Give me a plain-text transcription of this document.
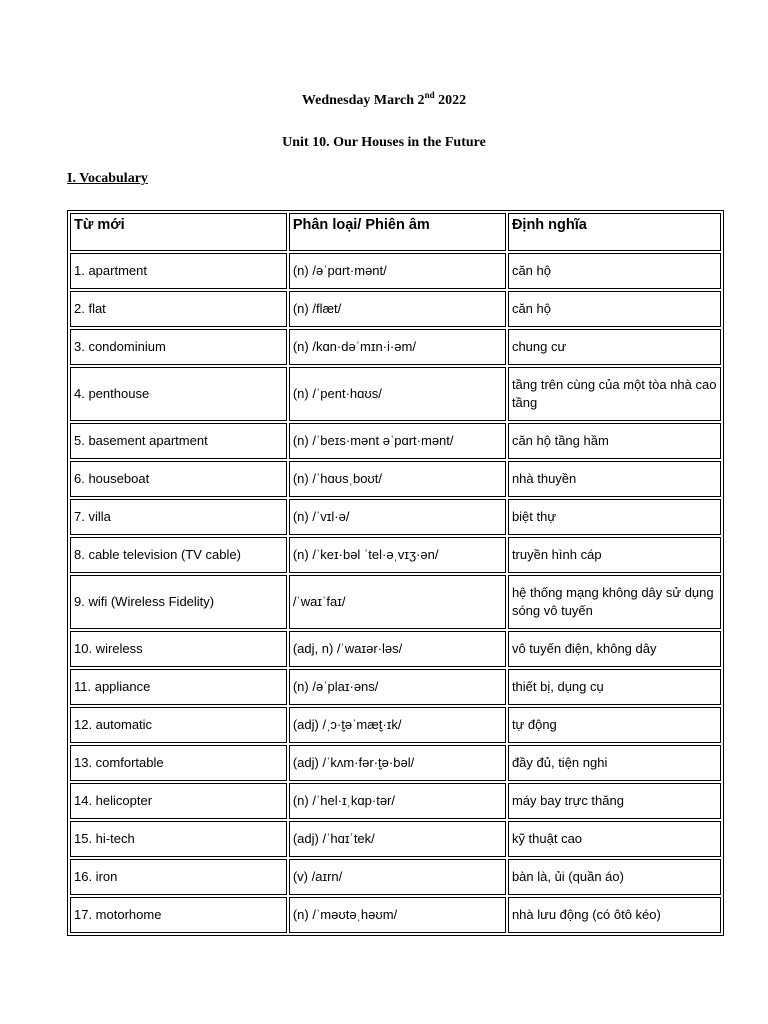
Wednesday March 2nd 2022
Unit 10. Our Houses in the Future
I. Vocabulary
Từ mới	Phân loại/ Phiên âm	Định nghĩa
1. apartment	(n) /əˈpɑrt·mənt/	căn hộ
2. flat	(n) /flæt/	căn hộ
3. condominium	(n) /kɑn·dəˈmɪn·i·əm/	chung cư
4. penthouse	(n) /ˈpent·hɑʊs/	tầng trên cùng của một tòa nhà cao tầng
5. basement apartment	(n) /ˈbeɪs·mənt əˈpɑrt·mənt/	căn hộ tầng hầm
6. houseboat	(n) /ˈhɑʊsˌboʊt/	nhà thuyền
7. villa	(n) /ˈvɪl·ə/	biệt thự
8. cable television (TV cable)	(n) /ˈkeɪ·bəl ˈtel·əˌvɪʒ·ən/	truyền hình cáp
9. wifi (Wireless Fidelity)	/ˈwaɪˈfaɪ/	hệ thống mạng không dây sử dụng sóng vô tuyến
10. wireless	(adj, n) /ˈwaɪər·ləs/	vô tuyến điện, không dây
11. appliance	(n) /əˈplaɪ·əns/	thiết bị, dụng cụ
12. automatic	(adj) /ˌɔ·t̬əˈmæt̬·ɪk/	tự động
13. comfortable	(adj) /ˈkʌm·fər·t̬ə·bəl/	đầy đủ, tiện nghi
14. helicopter	(n) /ˈhel·ɪˌkɑp·tər/	máy bay trực thăng
15. hi-tech	(adj) /ˈhɑɪˈtek/	kỹ thuật cao
16. iron	(v) /aɪrn/	bàn là, ủi (quần áo)
17. motorhome	(n) /ˈməʊtəˌhəʊm/	nhà lưu động (có ôtô kéo)
